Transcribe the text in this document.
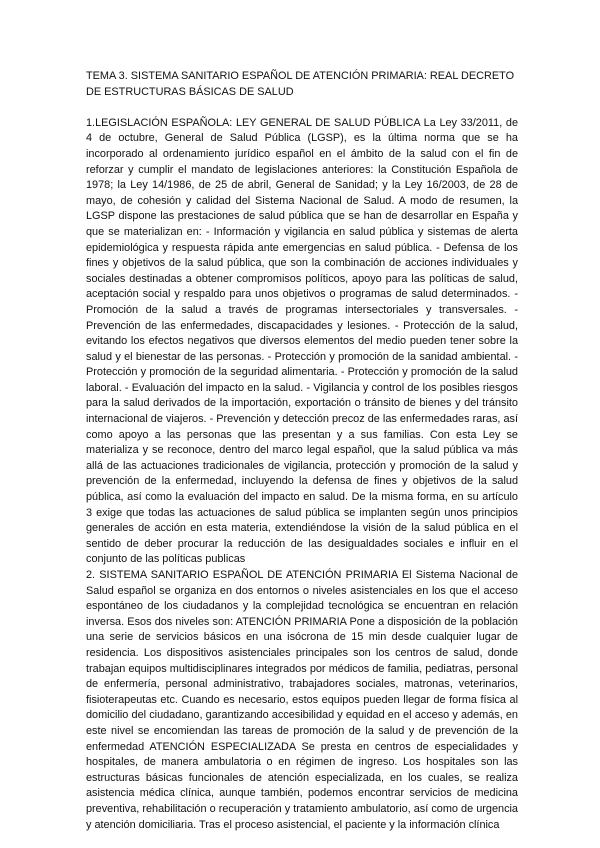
TEMA 3. SISTEMA SANITARIO ESPAÑOL DE ATENCIÓN PRIMARIA: REAL DECRETO DE ESTRUCTURAS BÁSICAS DE SALUD

1.LEGISLACIÓN ESPAÑOLA: LEY GENERAL DE SALUD PÚBLICA La Ley 33/2011, de 4 de octubre, General de Salud Pública (LGSP), es la última norma que se ha incorporado al ordenamiento jurídico español en el ámbito de la salud con el fin de reforzar y cumplir el mandato de legislaciones anteriores: la Constitución Española de 1978; la Ley 14/1986, de 25 de abril, General de Sanidad; y la Ley 16/2003, de 28 de mayo, de cohesión y calidad del Sistema Nacional de Salud. A modo de resumen, la LGSP dispone las prestaciones de salud pública que se han de desarrollar en España y que se materializan en: - Información y vigilancia en salud pública y sistemas de alerta epidemiológica y respuesta rápida ante emergencias en salud pública. - Defensa de los fines y objetivos de la salud pública, que son la combinación de acciones individuales y sociales destinadas a obtener compromisos políticos, apoyo para las políticas de salud, aceptación social y respaldo para unos objetivos o programas de salud determinados. - Promoción de la salud a través de programas intersectoriales y transversales. - Prevención de las enfermedades, discapacidades y lesiones. - Protección de la salud, evitando los efectos negativos que diversos elementos del medio pueden tener sobre la salud y el bienestar de las personas. - Protección y promoción de la sanidad ambiental. - Protección y promoción de la seguridad alimentaria. - Protección y promoción de la salud laboral. - Evaluación del impacto en la salud. - Vigilancia y control de los posibles riesgos para la salud derivados de la importación, exportación o tránsito de bienes y del tránsito internacional de viajeros. - Prevención y detección precoz de las enfermedades raras, así como apoyo a las personas que las presentan y a sus familias. Con esta Ley se materializa y se reconoce, dentro del marco legal español, que la salud pública va más allá de las actuaciones tradicionales de vigilancia, protección y promoción de la salud y prevención de la enfermedad, incluyendo la defensa de fines y objetivos de la salud pública, así como la evaluación del impacto en salud. De la misma forma, en su artículo 3 exige que todas las actuaciones de salud pública se implanten según unos principios generales de acción en esta materia, extendiéndose la visión de la salud pública en el sentido de deber procurar la reducción de las desigualdades sociales e influir en el conjunto de las políticas publicas

2. SISTEMA SANITARIO ESPAÑOL DE ATENCIÓN PRIMARIA El Sistema Nacional de Salud español se organiza en dos entornos o niveles asistenciales en los que el acceso espontáneo de los ciudadanos y la complejidad tecnológica se encuentran en relación inversa. Esos dos niveles son: ATENCIÓN PRIMARIA Pone a disposición de la población una serie de servicios básicos en una isócrona de 15 min desde cualquier lugar de residencia. Los dispositivos asistenciales principales son los centros de salud, donde trabajan equipos multidisciplinares integrados por médicos de familia, pediatras, personal de enfermería, personal administrativo, trabajadores sociales, matronas, veterinarios, fisioterapeutas etc. Cuando es necesario, estos equipos pueden llegar de forma física al domicilio del ciudadano, garantizando accesibilidad y equidad en el acceso y además, en este nivel se encomiendan las tareas de promoción de la salud y de prevención de la enfermedad ATENCIÓN ESPECIALIZADA Se presta en centros de especialidades y hospitales, de manera ambulatoria o en régimen de ingreso. Los hospitales son las estructuras básicas funcionales de atención especializada, en los cuales, se realiza asistencia médica clínica, aunque también, podemos encontrar servicios de medicina preventiva, rehabilitación o recuperación y tratamiento ambulatorio, así como de urgencia y atención domiciliaria. Tras el proceso asistencial, el paciente y la información clínica
